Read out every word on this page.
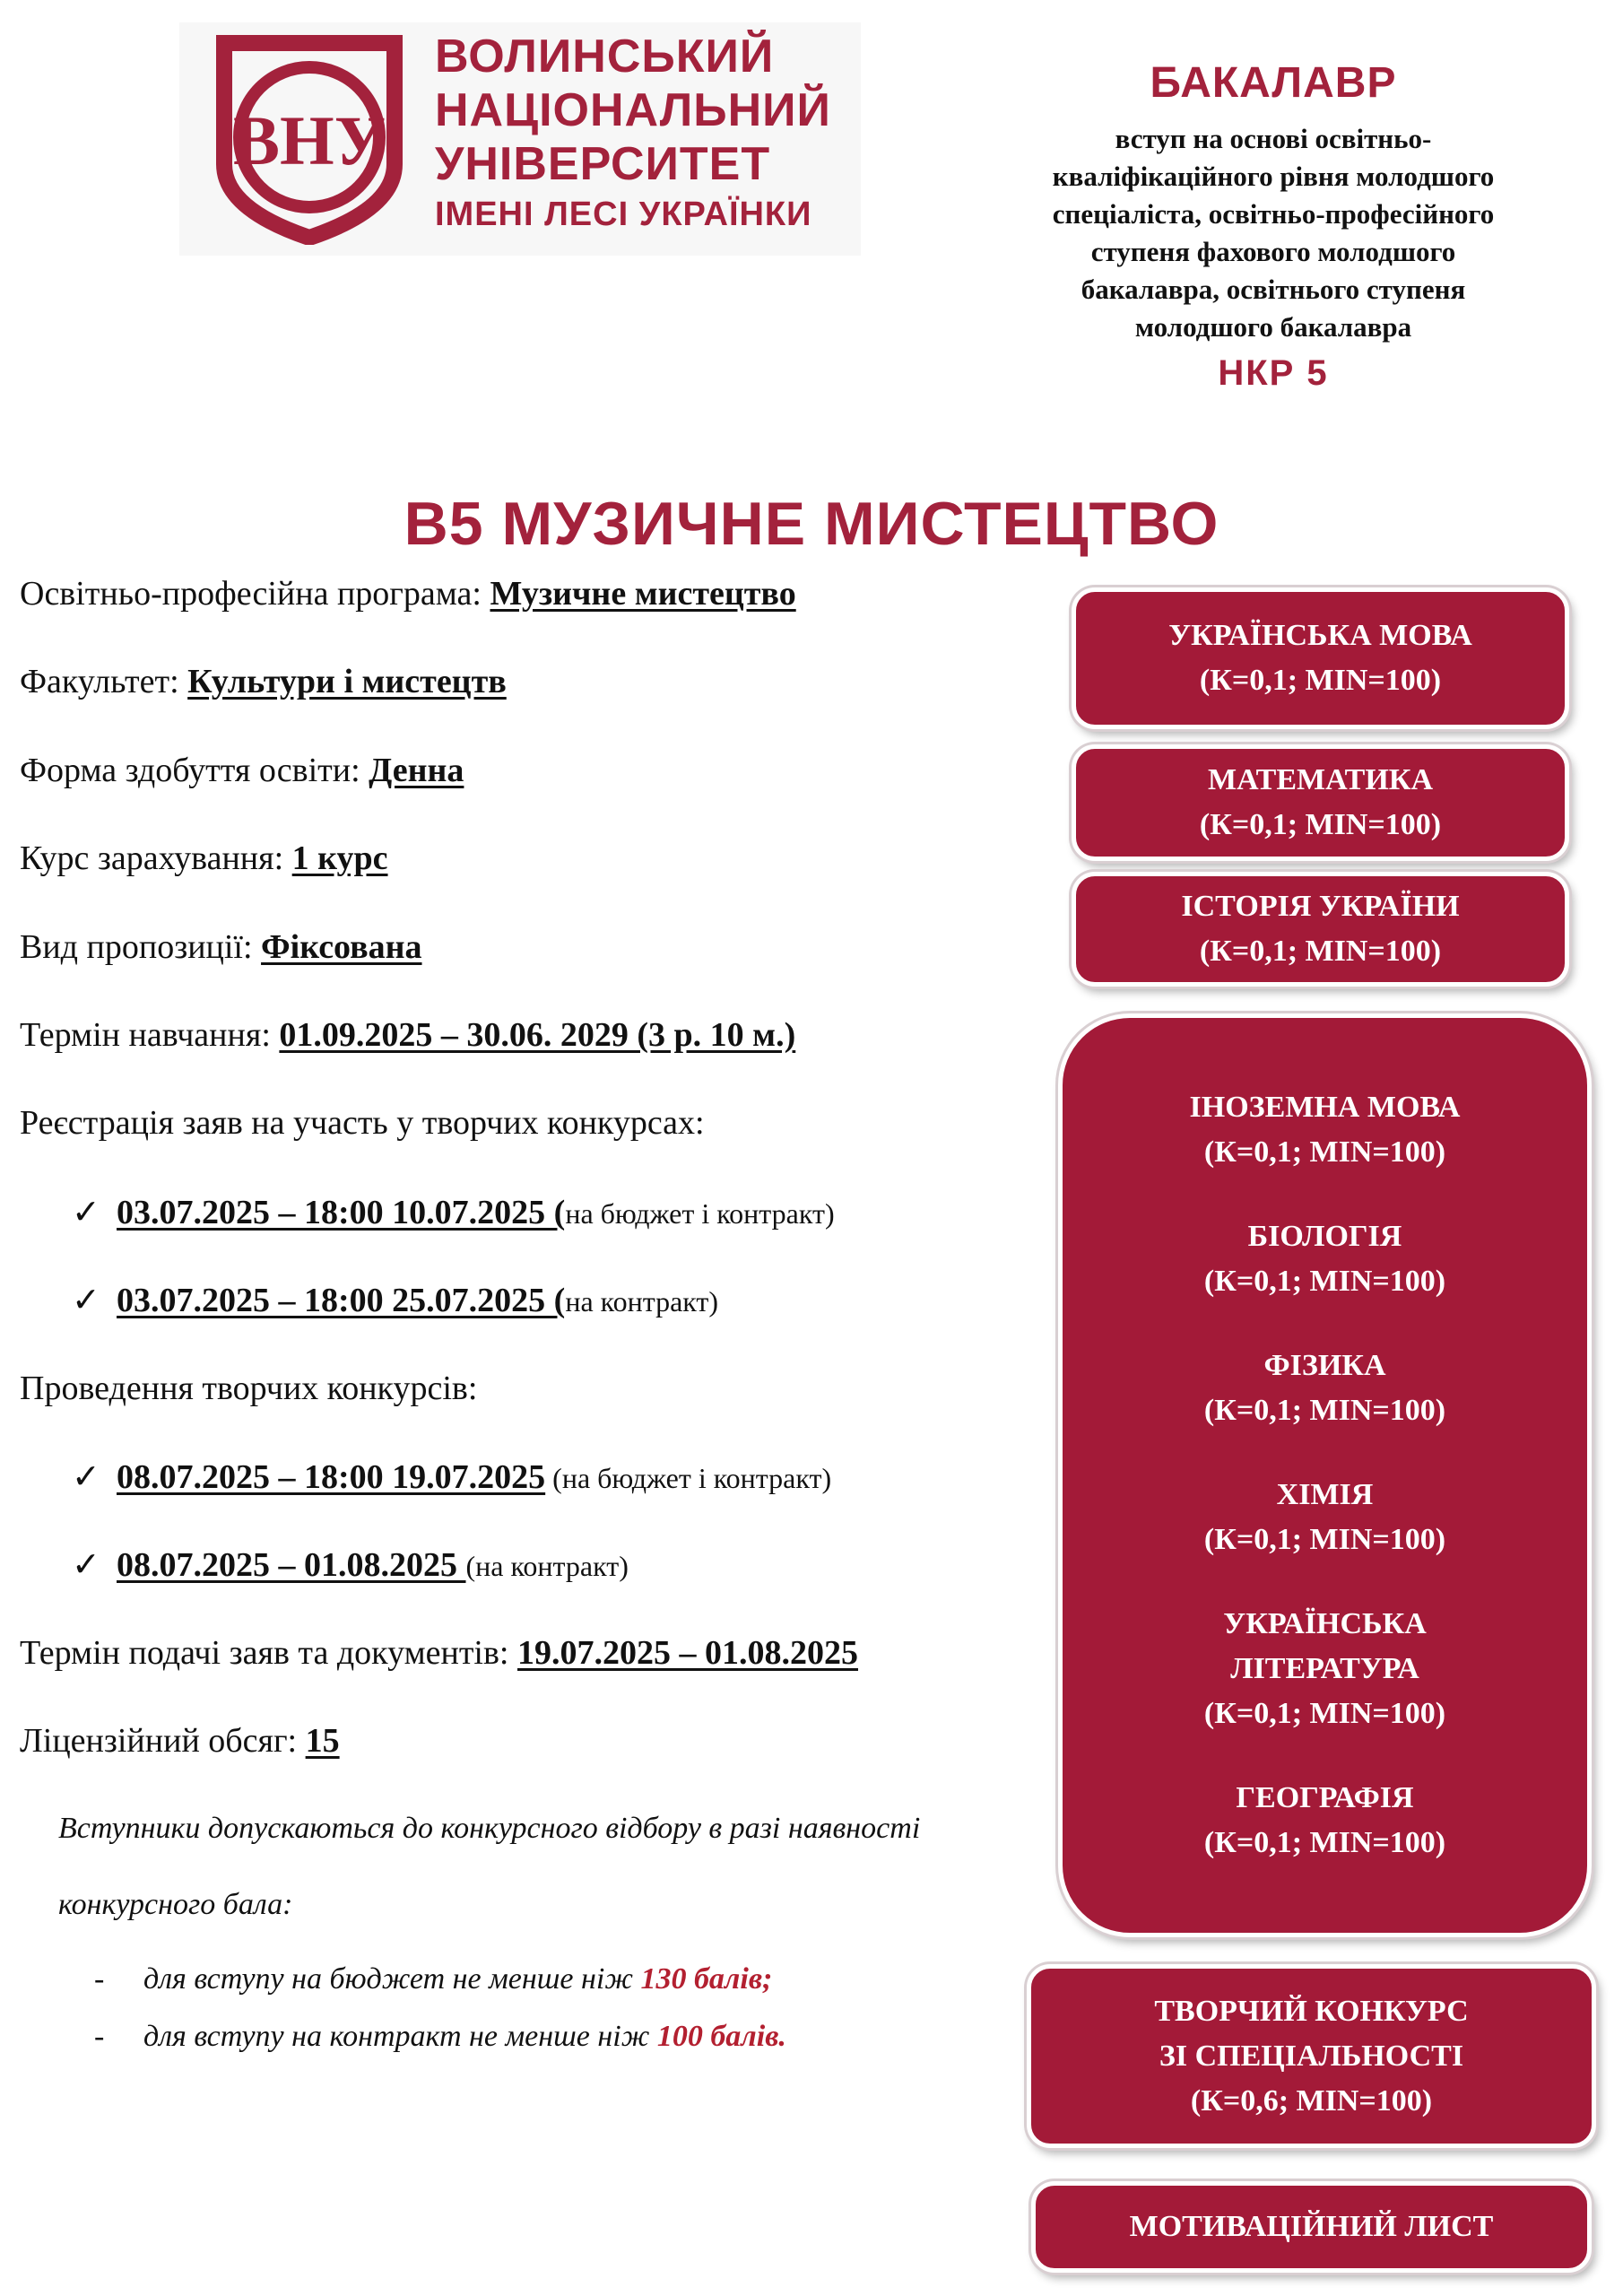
ВНУ
ВОЛИНСЬКИЙ
НАЦІОНАЛЬНИЙ
УНІВЕРСИТЕТ
ІМЕНІ ЛЕСІ УКРАЇНКИ
БАКАЛАВР
вступ на основі освітньо-
кваліфікаційного рівня молодшого
спеціаліста, освітньо-професійного
ступеня фахового молодшого
бакалавра, освітнього ступеня
молодшого бакалавра
НКР 5
В5 МУЗИЧНЕ МИСТЕЦТВО
Освітньо-професійна програма: Музичне мистецтво
Факультет: Культури і мистецтв
Форма здобуття освіти: Денна
Курс зарахування: 1 курс
Вид пропозиції: Фіксована
Термін навчання: 01.09.2025 – 30.06. 2029 (3 р. 10 м.)
Реєстрація заяв на участь у творчих конкурсах:
✓ 03.07.2025 – 18:00 10.07.2025 (на бюджет і контракт)
✓ 03.07.2025 – 18:00 25.07.2025 (на контракт)
Проведення творчих конкурсів:
✓ 08.07.2025 – 18:00 19.07.2025 (на бюджет і контракт)
✓ 08.07.2025 – 01.08.2025 (на контракт)
Термін подачі заяв та документів: 19.07.2025 – 01.08.2025
Ліцензійний обсяг: 15
Вступники допускаються до конкурсного відбору в разі наявності
конкурсного бала:
- для вступу на бюджет не менше ніж 130 балів;
- для вступу на контракт не менше ніж 100 балів.
УКРАЇНСЬКА МОВА
(К=0,1; MIN=100)
МАТЕМАТИКА
(К=0,1; MIN=100)
ІСТОРІЯ УКРАЇНИ
(К=0,1; MIN=100)
ІНОЗЕМНА МОВА
(К=0,1; MIN=100)
БІОЛОГІЯ
(К=0,1; MIN=100)
ФІЗИКА
(К=0,1; MIN=100)
ХІМІЯ
(К=0,1; MIN=100)
УКРАЇНСЬКА
ЛІТЕРАТУРА
(К=0,1; MIN=100)
ГЕОГРАФІЯ
(К=0,1; MIN=100)
ТВОРЧИЙ КОНКУРС
ЗІ СПЕЦІАЛЬНОСТІ
(К=0,6; MIN=100)
МОТИВАЦІЙНИЙ ЛИСТ
